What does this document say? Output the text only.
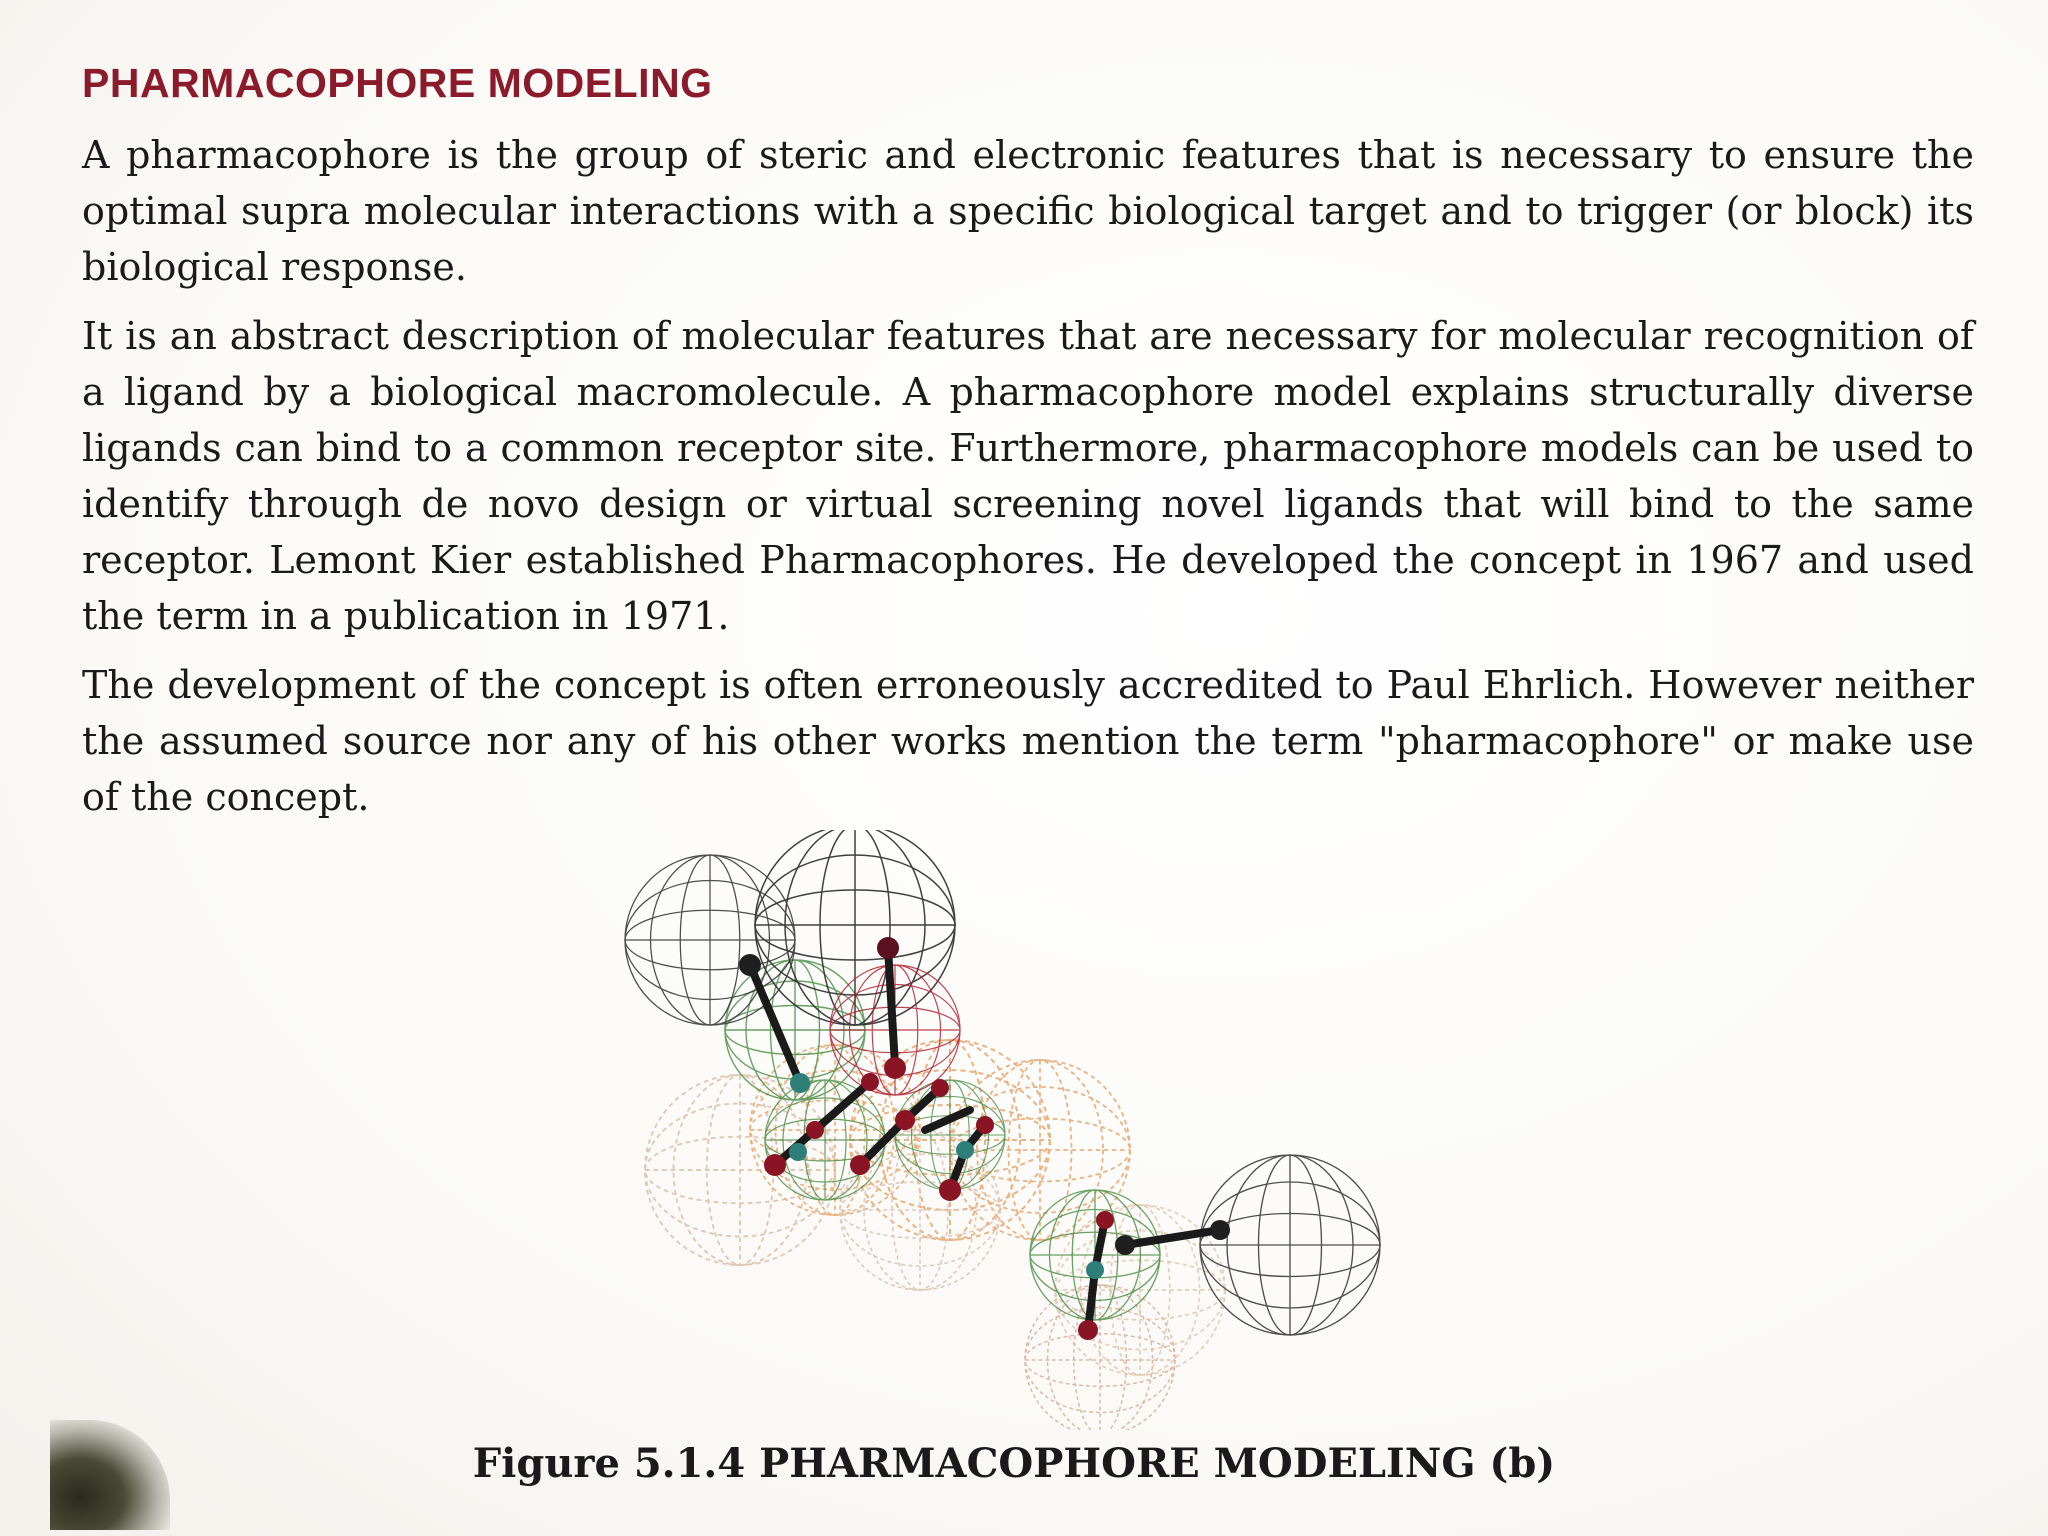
PHARMACOPHORE MODELING

A pharmacophore is the group of steric and electronic features that is necessary to ensure the optimal supra molecular interactions with a specific biological target and to trigger (or block) its biological response.

It is an abstract description of molecular features that are necessary for molecular recognition of a ligand by a biological macromolecule. A pharmacophore model explains structurally diverse ligands can bind to a common receptor site. Furthermore, pharmacophore models can be used to identify through de novo design or virtual screening novel ligands that will bind to the same receptor. Lemont Kier established Pharmacophores. He developed the concept in 1967 and used the term in a publication in 1971.

The development of the concept is often erroneously accredited to Paul Ehrlich. However neither the assumed source nor any of his other works mention the term "pharmacophore" or make use of the concept.

Figure 5.1.4 PHARMACOPHORE MODELING (b)
